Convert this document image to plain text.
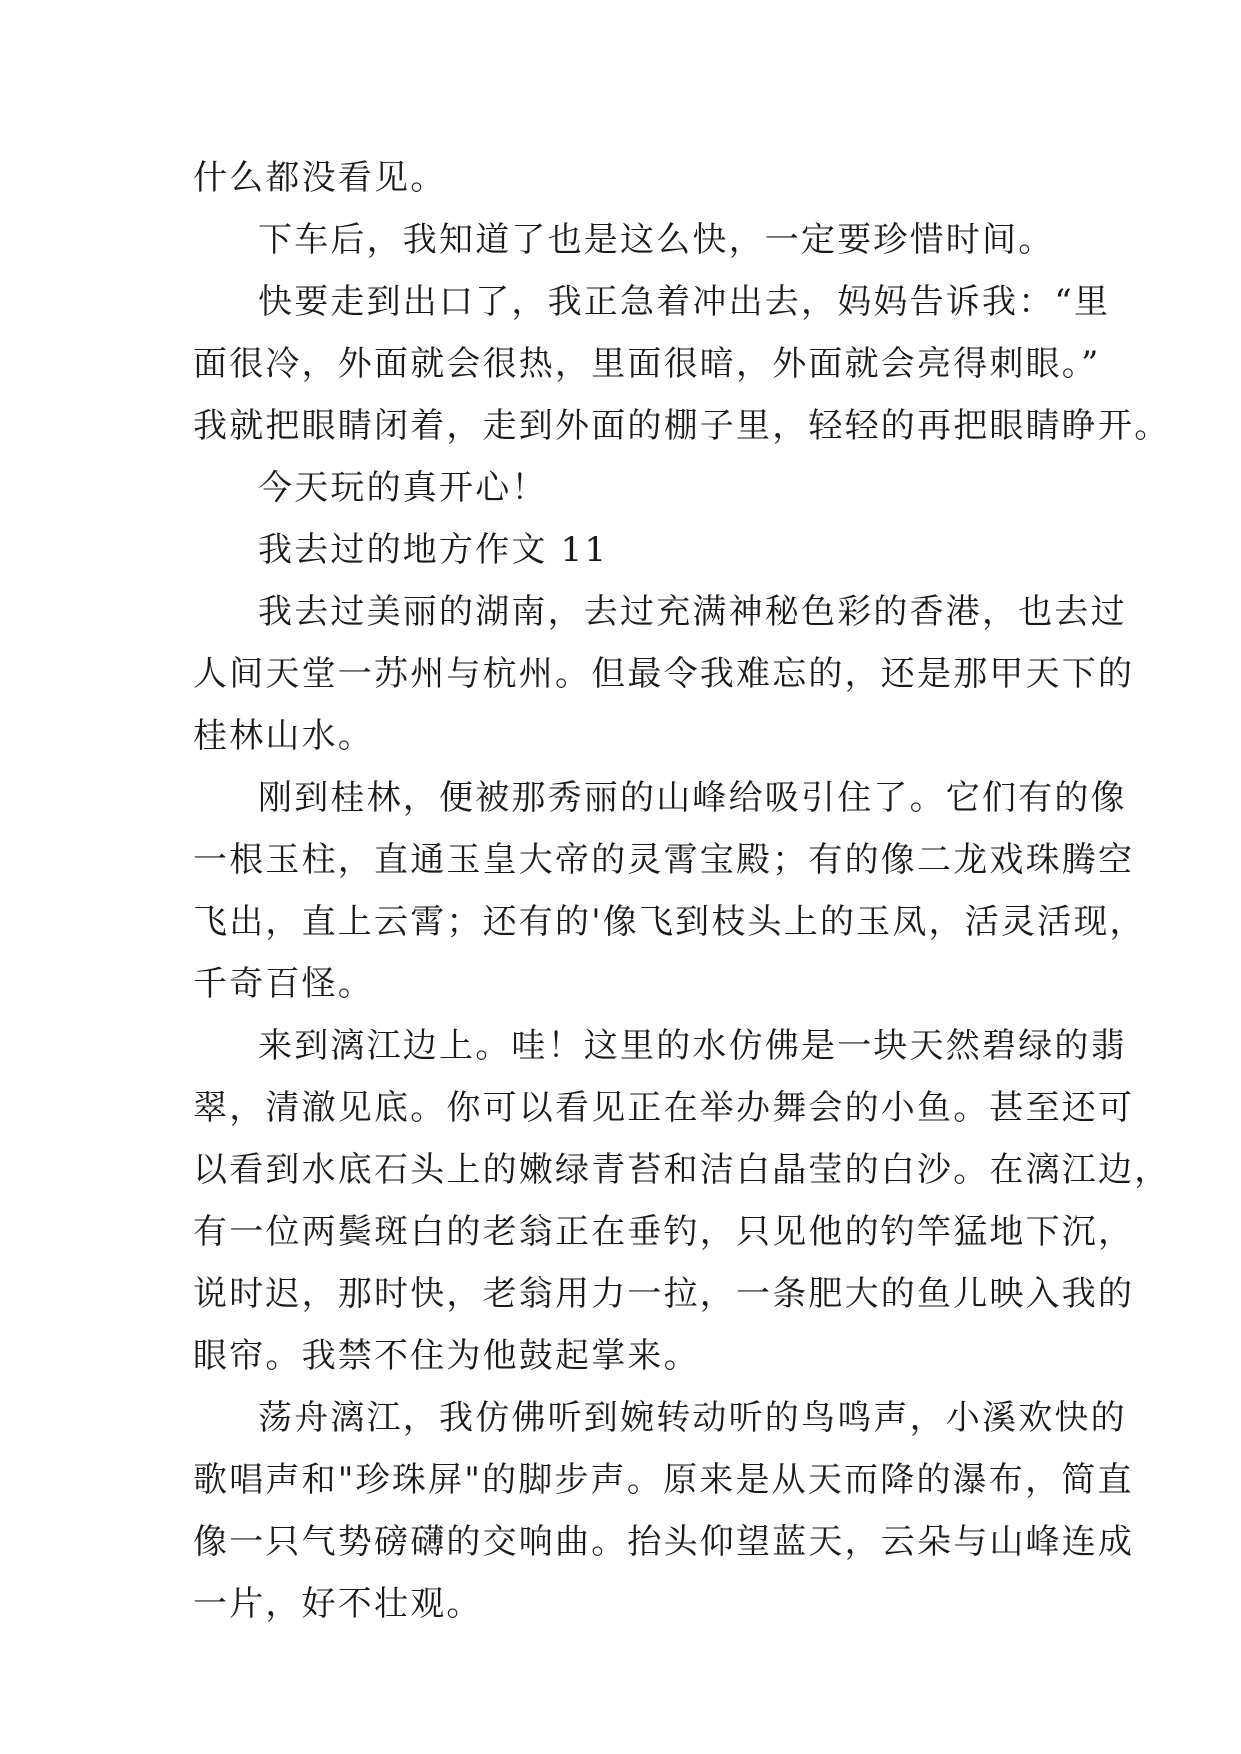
什么都没看见。
下车后，我知道了也是这么快，一定要珍惜时间。
快要走到出口了，我正急着冲出去，妈妈告诉我：“里
面很冷，外面就会很热，里面很暗，外面就会亮得刺眼。”
我就把眼睛闭着，走到外面的棚子里，轻轻的再把眼睛睁开。
今天玩的真开心！
我去过的地方作文 11
我去过美丽的湖南，去过充满神秘色彩的香港，也去过
人间天堂一苏州与杭州。但最令我难忘的，还是那甲天下的
桂林山水。
刚到桂林，便被那秀丽的山峰给吸引住了。它们有的像
一根玉柱，直通玉皇大帝的灵霄宝殿；有的像二龙戏珠腾空
飞出，直上云霄；还有的'像飞到枝头上的玉凤，活灵活现，
千奇百怪。
来到漓江边上。哇！这里的水仿佛是一块天然碧绿的翡
翠，清澈见底。你可以看见正在举办舞会的小鱼。甚至还可
以看到水底石头上的嫩绿青苔和洁白晶莹的白沙。在漓江边，
有一位两鬓斑白的老翁正在垂钓，只见他的钓竿猛地下沉，
说时迟，那时快，老翁用力一拉，一条肥大的鱼儿映入我的
眼帘。我禁不住为他鼓起掌来。
荡舟漓江，我仿佛听到婉转动听的鸟鸣声，小溪欢快的
歌唱声和"珍珠屏"的脚步声。原来是从天而降的瀑布，简直
像一只气势磅礴的交响曲。抬头仰望蓝天，云朵与山峰连成
一片，好不壮观。
